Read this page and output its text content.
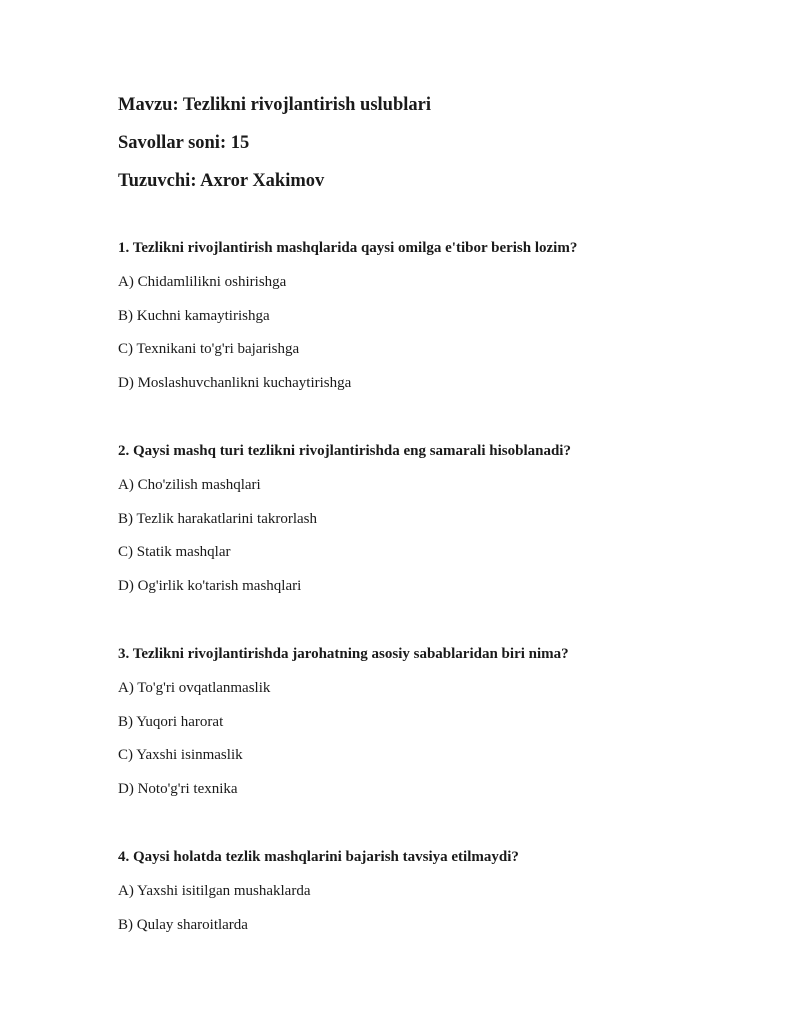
Mavzu: Tezlikni rivojlantirish uslublari

Savollar soni: 15

Tuzuvchi: Axror Xakimov

1. Tezlikni rivojlantirish mashqlarida qaysi omilga e'tibor berish lozim?

A) Chidamlilikni oshirishga

B) Kuchni kamaytirishga

C) Texnikani to'g'ri bajarishga

D) Moslashuvchanlikni kuchaytirishga

2. Qaysi mashq turi tezlikni rivojlantirishda eng samarali hisoblanadi?

A) Cho'zilish mashqlari

B) Tezlik harakatlarini takrorlash

C) Statik mashqlar

D) Og'irlik ko'tarish mashqlari

3. Tezlikni rivojlantirishda jarohatning asosiy sabablaridan biri nima?

A) To'g'ri ovqatlanmaslik

B) Yuqori harorat

C) Yaxshi isinmaslik

D) Noto'g'ri texnika

4. Qaysi holatda tezlik mashqlarini bajarish tavsiya etilmaydi?

A) Yaxshi isitilgan mushaklarda

B) Qulay sharoitlarda
